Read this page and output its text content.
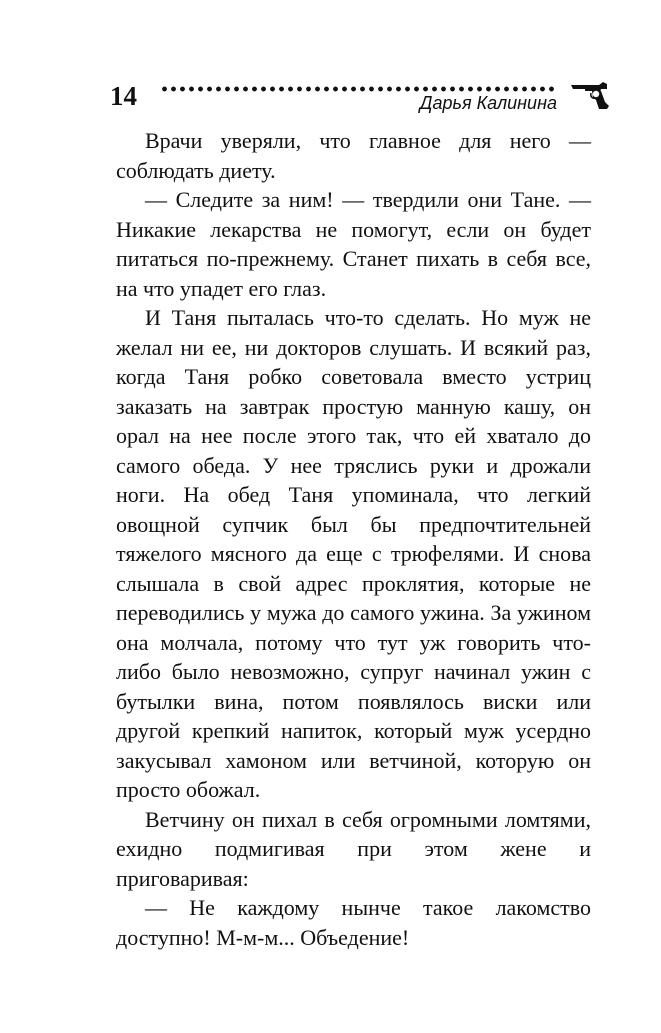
14	Дарья Калинина

Врачи уверяли, что главное для него — соблюдать диету.

— Следите за ним! — твердили они Тане. — Никакие лекарства не помогут, если он будет питаться по-прежнему. Станет пихать в себя все, на что упадет его глаз.

И Таня пыталась что-то сделать. Но муж не желал ни ее, ни докторов слушать. И всякий раз, когда Таня робко советовала вместо устриц заказать на завтрак простую манную кашу, он орал на нее после этого так, что ей хватало до самого обеда. У нее тряслись руки и дрожали ноги. На обед Таня упоминала, что легкий овощной супчик был бы предпочтительней тяжелого мясного да еще с трюфелями. И снова слышала в свой адрес проклятия, которые не переводились у мужа до самого ужина. За ужином она молчала, потому что тут уж говорить что-либо было невозможно, супруг начинал ужин с бутылки вина, потом появлялось виски или другой крепкий напиток, который муж усердно закусывал хамоном или ветчиной, которую он просто обожал.

Ветчину он пихал в себя огромными ломтями, ехидно подмигивая при этом жене и приговаривая:

— Не каждому нынче такое лакомство доступно! М-м-м... Объедение!
